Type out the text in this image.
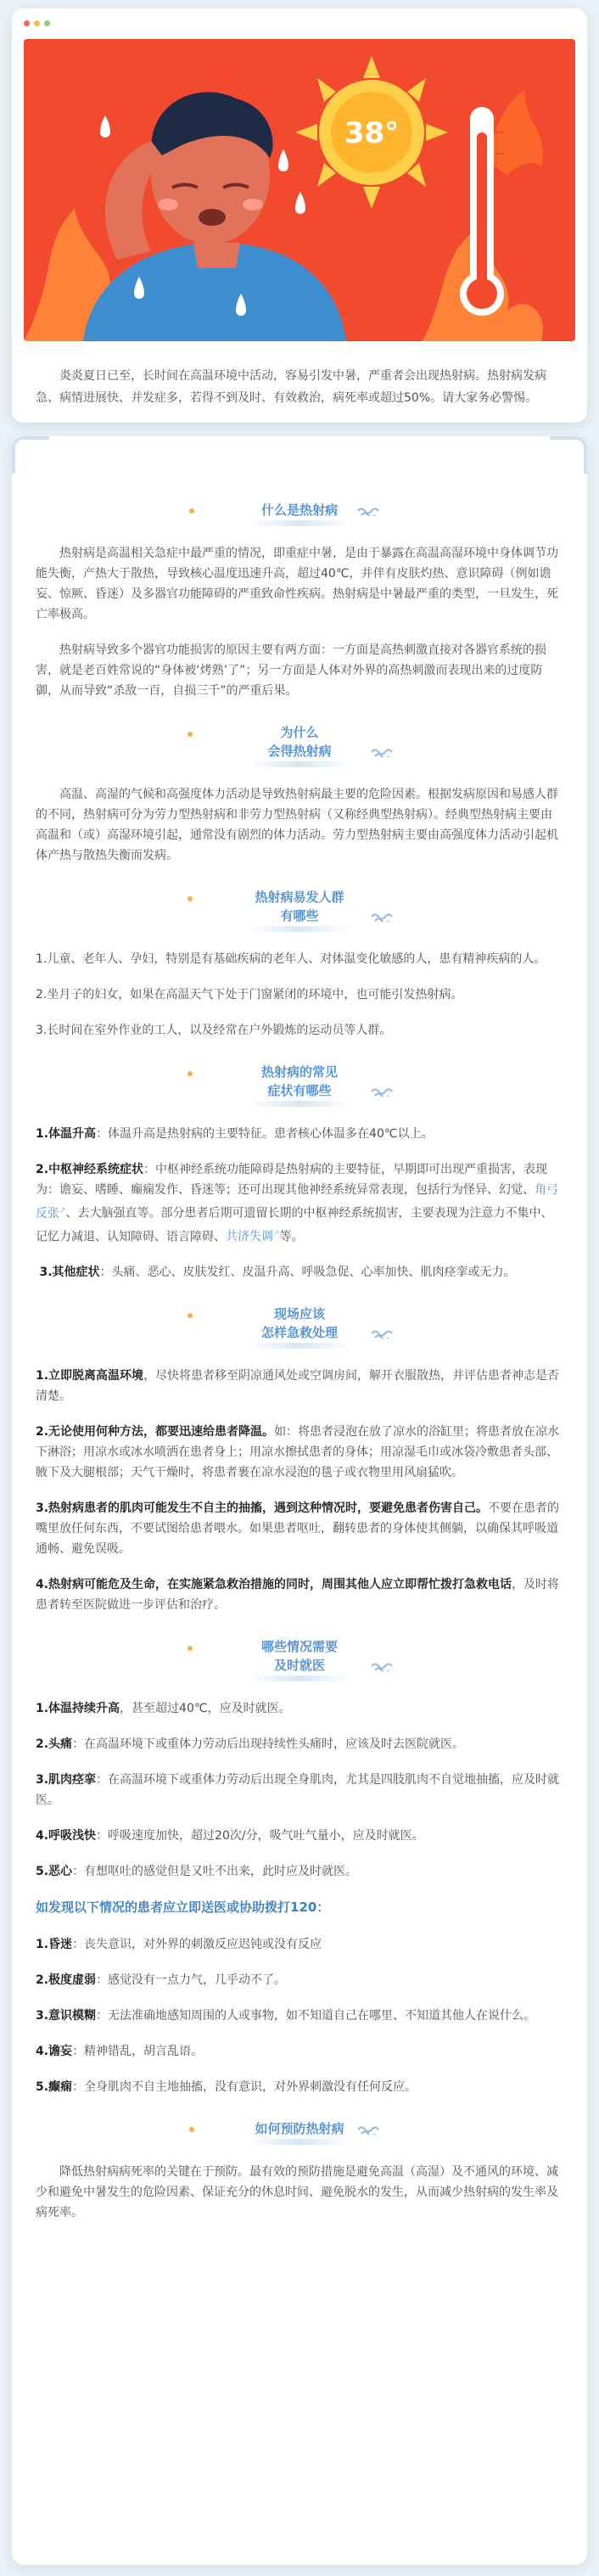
38°

炎炎夏日已至，长时间在高温环境中活动，容易引发中暑，严重者会出现热射病。热射病发病急、病情进展快、并发症多，若得不到及时、有效救治，病死率或超过50%。请大家务必警惕。

什么是热射病

热射病是高温相关急症中最严重的情况，即重症中暑，是由于暴露在高温高湿环境中身体调节功能失衡，产热大于散热，导致核心温度迅速升高，超过40℃，并伴有皮肤灼热、意识障碍（例如谵妄、惊厥、昏迷）及多器官功能障碍的严重致命性疾病。热射病是中暑最严重的类型，一旦发生，死亡率极高。

热射病导致多个器官功能损害的原因主要有两方面：一方面是高热刺激直接对各器官系统的损害，就是老百姓常说的“身体被‘烤熟’了”；另一方面是人体对外界的高热刺激而表现出来的过度防御，从而导致“杀敌一百，自损三千”的严重后果。

为什么
会得热射病

高温、高湿的气候和高强度体力活动是导致热射病最主要的危险因素。根据发病原因和易感人群的不同，热射病可分为劳力型热射病和非劳力型热射病（又称经典型热射病）。经典型热射病主要由高温和（或）高湿环境引起，通常没有剧烈的体力活动。劳力型热射病主要由高强度体力活动引起机体产热与散热失衡而发病。

热射病易发人群
有哪些

1.儿童、老年人、孕妇，特别是有基础疾病的老年人、对体温变化敏感的人，患有精神疾病的人。

2.坐月子的妇女，如果在高温天气下处于门窗紧闭的环境中，也可能引发热射病。

3.长时间在室外作业的工人，以及经常在户外锻炼的运动员等人群。

热射病的常见
症状有哪些

1.体温升高：体温升高是热射病的主要特征。患者核心体温多在40℃以上。

2.中枢神经系统症状：中枢神经系统功能障碍是热射病的主要特征，早期即可出现严重损害，表现为：谵妄、嗜睡、癫痫发作、昏迷等；还可出现其他神经系统异常表现，包括行为怪异、幻觉、角弓反张↗、去大脑强直等。部分患者后期可遗留长期的中枢神经系统损害，主要表现为注意力不集中、记忆力减退、认知障碍、语言障碍、共济失调↗等。

3.其他症状：头痛、恶心、皮肤发红、皮温升高、呼吸急促、心率加快、肌肉痉挛或无力。

现场应该
怎样急救处理

1.立即脱离高温环境，尽快将患者移至阴凉通风处或空调房间，解开衣服散热，并评估患者神志是否清楚。

2.无论使用何种方法，都要迅速给患者降温。如：将患者浸泡在放了凉水的浴缸里；将患者放在凉水下淋浴；用凉水或冰水喷洒在患者身上；用凉水擦拭患者的身体；用凉湿毛巾或冰袋冷敷患者头部、腋下及大腿根部；天气干燥时，将患者裹在凉水浸泡的毯子或衣物里用风扇猛吹。

3.热射病患者的肌肉可能发生不自主的抽搐，遇到这种情况时，要避免患者伤害自己。不要在患者的嘴里放任何东西，不要试图给患者喂水。如果患者呕吐，翻转患者的身体使其侧躺，以确保其呼吸道通畅、避免误吸。

4.热射病可能危及生命，在实施紧急救治措施的同时，周围其他人应立即帮忙拨打急救电话，及时将患者转至医院做进一步评估和治疗。

哪些情况需要
及时就医

1.体温持续升高，甚至超过40℃，应及时就医。

2.头痛：在高温环境下或重体力劳动后出现持续性头痛时，应该及时去医院就医。

3.肌肉痉挛：在高温环境下或重体力劳动后出现全身肌肉，尤其是四肢肌肉不自觉地抽搐，应及时就医。

4.呼吸浅快：呼吸速度加快，超过20次/分，吸气吐气量小，应及时就医。

5.恶心：有想呕吐的感觉但是又吐不出来，此时应及时就医。

如发现以下情况的患者应立即送医或协助拨打120：

1.昏迷：丧失意识，对外界的刺激反应迟钝或没有反应

2.极度虚弱：感觉没有一点力气，几乎动不了。

3.意识模糊：无法准确地感知周围的人或事物，如不知道自己在哪里、不知道其他人在说什么。

4.谵妄：精神错乱，胡言乱语。

5.癫痫：全身肌肉不自主地抽搐，没有意识，对外界刺激没有任何反应。

如何预防热射病

降低热射病病死率的关键在于预防。最有效的预防措施是避免高温（高湿）及不通风的环境、减少和避免中暑发生的危险因素、保证充分的休息时间、避免脱水的发生，从而减少热射病的发生率及病死率。
